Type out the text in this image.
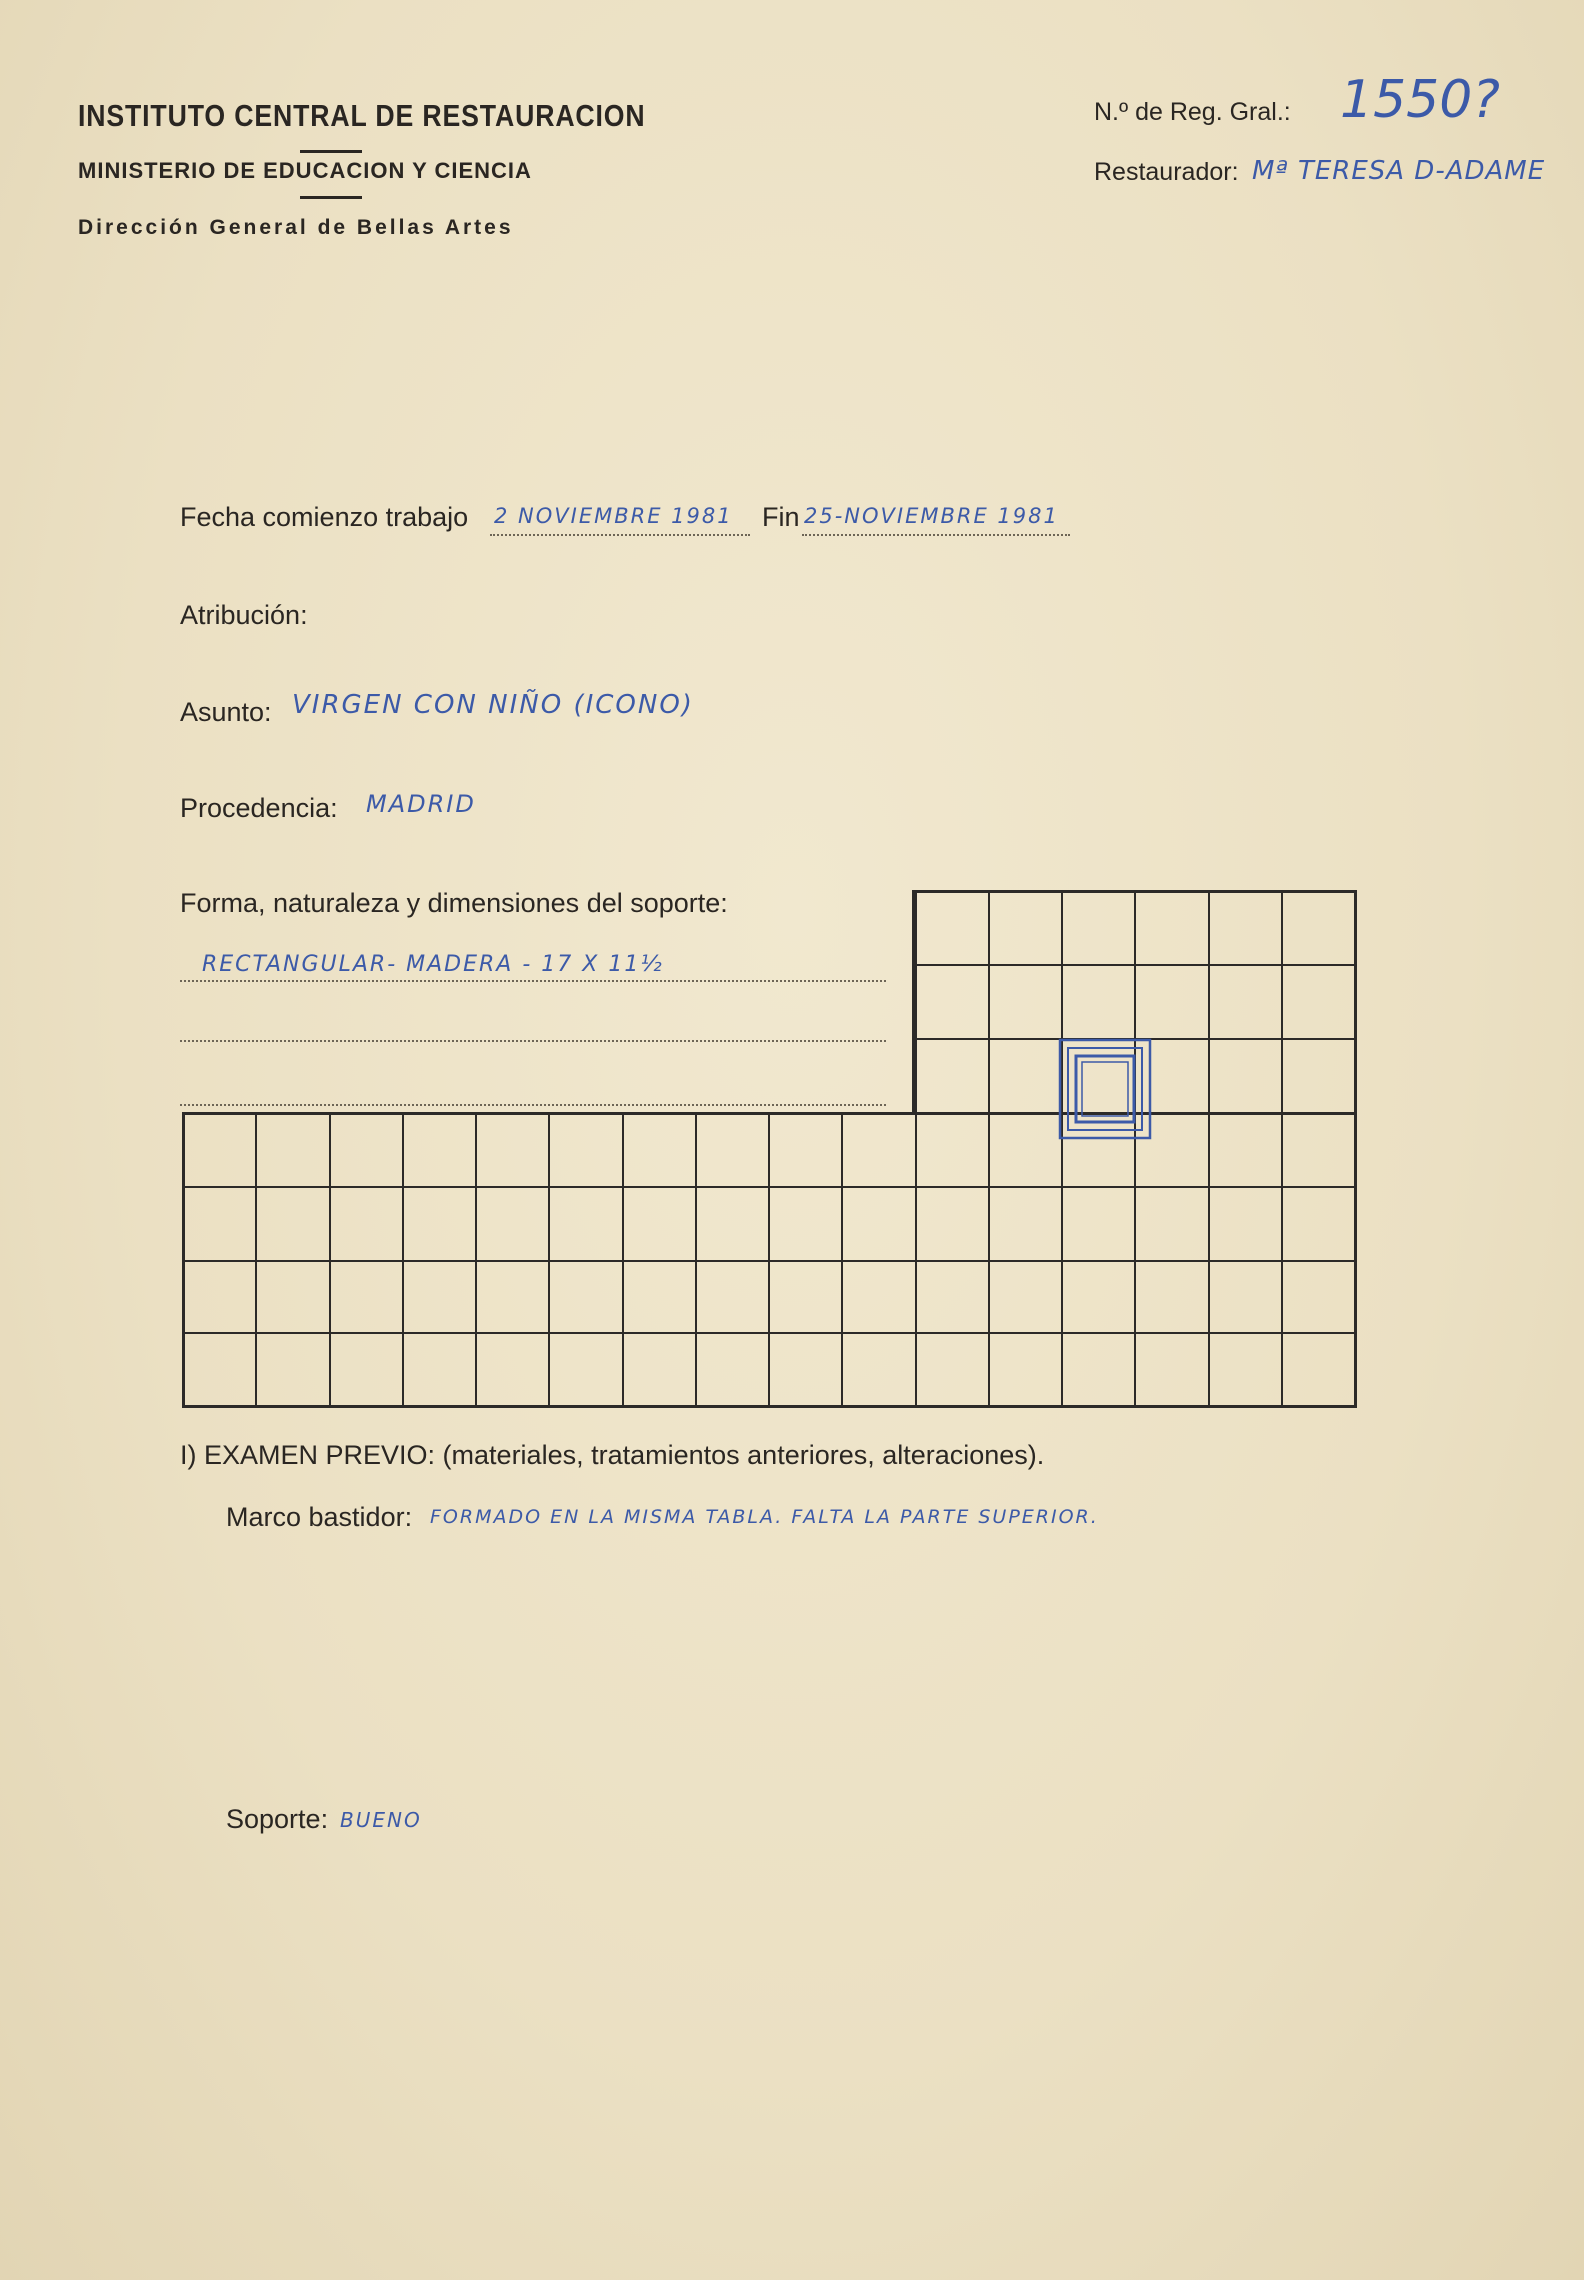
INSTITUTO CENTRAL DE RESTAURACION
MINISTERIO DE EDUCACION Y CIENCIA
Dirección General de Bellas Artes
N.º de Reg. Gral.: 1550?
Restaurador: Mª TERESA D-ADAME
Fecha comienzo trabajo 2 NOVIEMBRE 1981 Fin 25-NOVIEMBRE 1981
Atribución:
Asunto: VIRGEN CON NIÑO (ICONO)
Procedencia: MADRID
Forma, naturaleza y dimensiones del soporte:
RECTANGULAR- MADERA - 17 X 11½
I) EXAMEN PREVIO: (materiales, tratamientos anteriores, alteraciones).
Marco bastidor: FORMADO EN LA MISMA TABLA. FALTA LA PARTE SUPERIOR.
Soporte: BUENO
